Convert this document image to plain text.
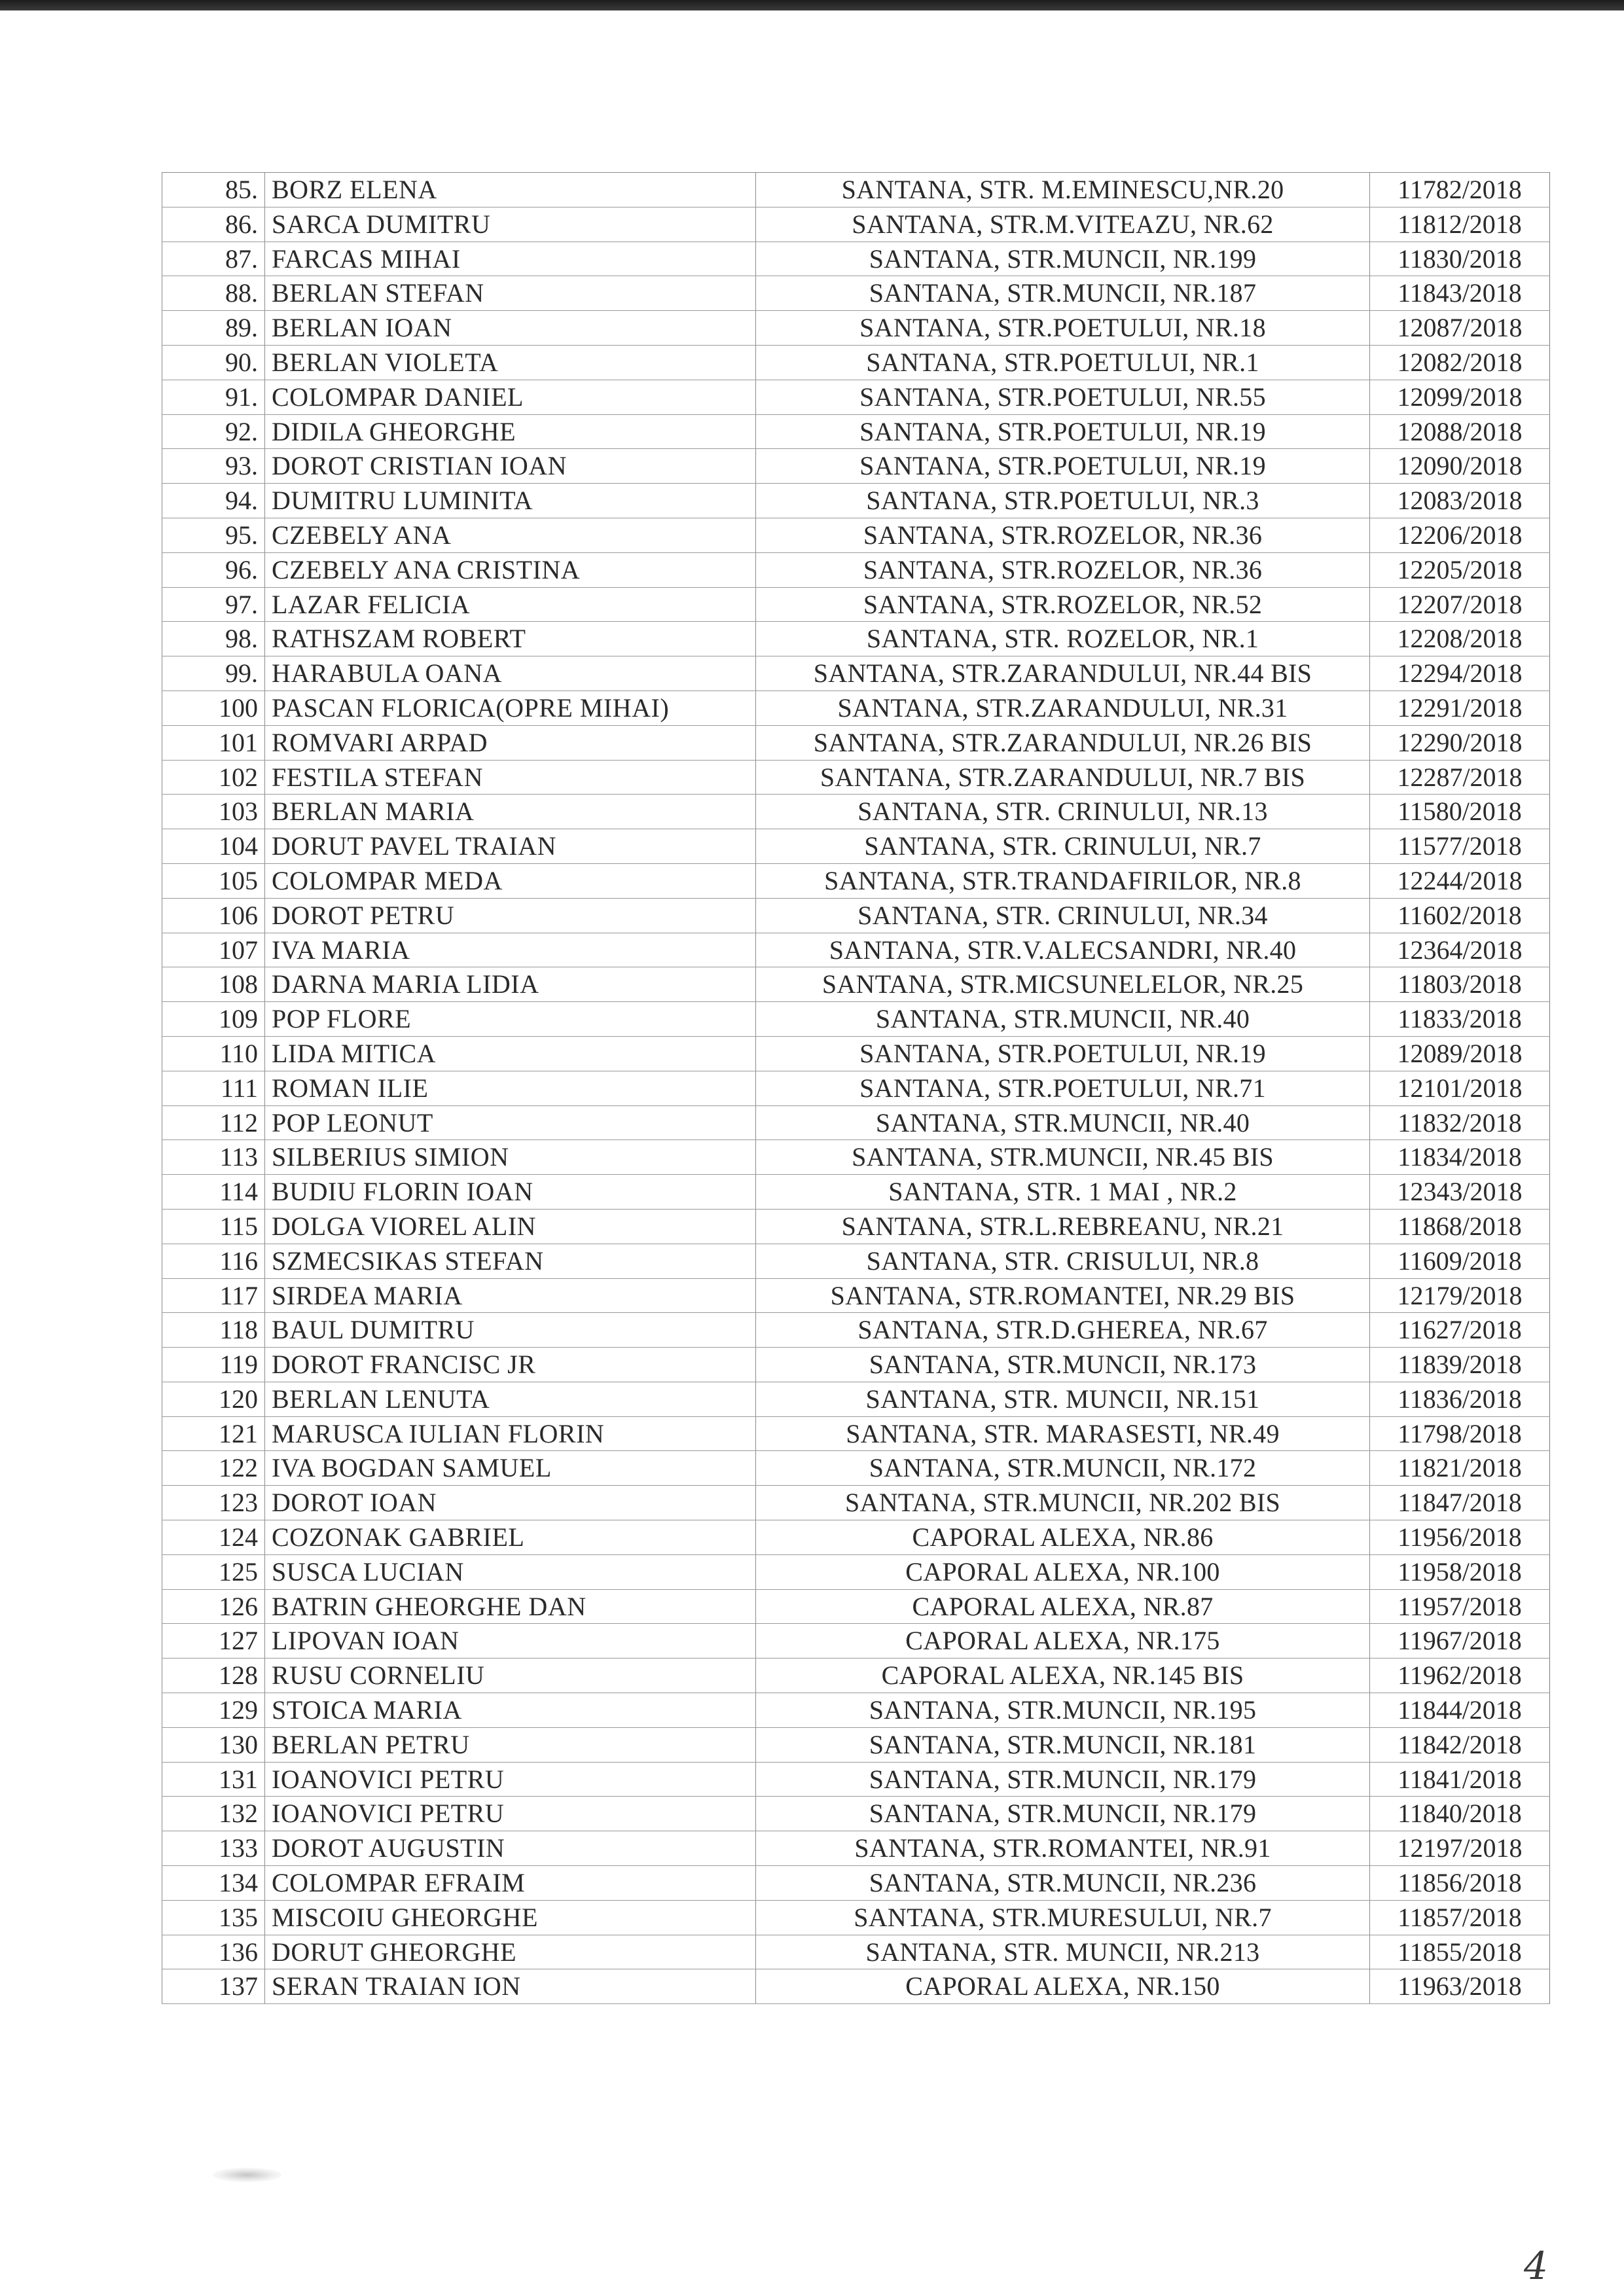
85.	BORZ ELENA	SANTANA, STR. M.EMINESCU,NR.20	11782/2018
86.	SARCA DUMITRU	SANTANA, STR.M.VITEAZU, NR.62	11812/2018
87.	FARCAS MIHAI	SANTANA, STR.MUNCII, NR.199	11830/2018
88.	BERLAN STEFAN	SANTANA, STR.MUNCII, NR.187	11843/2018
89.	BERLAN IOAN	SANTANA, STR.POETULUI, NR.18	12087/2018
90.	BERLAN VIOLETA	SANTANA, STR.POETULUI, NR.1	12082/2018
91.	COLOMPAR DANIEL	SANTANA, STR.POETULUI, NR.55	12099/2018
92.	DIDILA GHEORGHE	SANTANA, STR.POETULUI, NR.19	12088/2018
93.	DOROT CRISTIAN IOAN	SANTANA, STR.POETULUI, NR.19	12090/2018
94.	DUMITRU LUMINITA	SANTANA, STR.POETULUI, NR.3	12083/2018
95.	CZEBELY ANA	SANTANA, STR.ROZELOR, NR.36	12206/2018
96.	CZEBELY ANA CRISTINA	SANTANA, STR.ROZELOR, NR.36	12205/2018
97.	LAZAR FELICIA	SANTANA, STR.ROZELOR, NR.52	12207/2018
98.	RATHSZAM ROBERT	SANTANA, STR. ROZELOR, NR.1	12208/2018
99.	HARABULA OANA	SANTANA, STR.ZARANDULUI, NR.44 BIS	12294/2018
100	PASCAN FLORICA(OPRE MIHAI)	SANTANA, STR.ZARANDULUI, NR.31	12291/2018
101	ROMVARI ARPAD	SANTANA, STR.ZARANDULUI, NR.26 BIS	12290/2018
102	FESTILA STEFAN	SANTANA, STR.ZARANDULUI, NR.7 BIS	12287/2018
103	BERLAN MARIA	SANTANA, STR. CRINULUI, NR.13	11580/2018
104	DORUT PAVEL TRAIAN	SANTANA, STR. CRINULUI, NR.7	11577/2018
105	COLOMPAR MEDA	SANTANA, STR.TRANDAFIRILOR, NR.8	12244/2018
106	DOROT PETRU	SANTANA, STR. CRINULUI, NR.34	11602/2018
107	IVA MARIA	SANTANA, STR.V.ALECSANDRI, NR.40	12364/2018
108	DARNA MARIA LIDIA	SANTANA, STR.MICSUNELELOR, NR.25	11803/2018
109	POP FLORE	SANTANA, STR.MUNCII, NR.40	11833/2018
110	LIDA MITICA	SANTANA, STR.POETULUI, NR.19	12089/2018
111	ROMAN ILIE	SANTANA, STR.POETULUI, NR.71	12101/2018
112	POP LEONUT	SANTANA, STR.MUNCII, NR.40	11832/2018
113	SILBERIUS SIMION	SANTANA, STR.MUNCII, NR.45 BIS	11834/2018
114	BUDIU FLORIN IOAN	SANTANA, STR. 1 MAI , NR.2	12343/2018
115	DOLGA VIOREL ALIN	SANTANA, STR.L.REBREANU, NR.21	11868/2018
116	SZMECSIKAS STEFAN	SANTANA, STR. CRISULUI, NR.8	11609/2018
117	SIRDEA MARIA	SANTANA, STR.ROMANTEI, NR.29 BIS	12179/2018
118	BAUL DUMITRU	SANTANA, STR.D.GHEREA, NR.67	11627/2018
119	DOROT FRANCISC JR	SANTANA, STR.MUNCII, NR.173	11839/2018
120	BERLAN LENUTA	SANTANA, STR. MUNCII, NR.151	11836/2018
121	MARUSCA IULIAN FLORIN	SANTANA, STR. MARASESTI, NR.49	11798/2018
122	IVA BOGDAN SAMUEL	SANTANA, STR.MUNCII, NR.172	11821/2018
123	DOROT IOAN	SANTANA, STR.MUNCII, NR.202 BIS	11847/2018
124	COZONAK GABRIEL	CAPORAL ALEXA, NR.86	11956/2018
125	SUSCA LUCIAN	CAPORAL ALEXA, NR.100	11958/2018
126	BATRIN GHEORGHE DAN	CAPORAL ALEXA, NR.87	11957/2018
127	LIPOVAN IOAN	CAPORAL ALEXA, NR.175	11967/2018
128	RUSU CORNELIU	CAPORAL ALEXA, NR.145 BIS	11962/2018
129	STOICA MARIA	SANTANA, STR.MUNCII, NR.195	11844/2018
130	BERLAN PETRU	SANTANA, STR.MUNCII, NR.181	11842/2018
131	IOANOVICI PETRU	SANTANA, STR.MUNCII, NR.179	11841/2018
132	IOANOVICI PETRU	SANTANA, STR.MUNCII, NR.179	11840/2018
133	DOROT AUGUSTIN	SANTANA, STR.ROMANTEI, NR.91	12197/2018
134	COLOMPAR EFRAIM	SANTANA, STR.MUNCII, NR.236	11856/2018
135	MISCOIU GHEORGHE	SANTANA, STR.MURESULUI, NR.7	11857/2018
136	DORUT GHEORGHE	SANTANA, STR. MUNCII, NR.213	11855/2018
137	SERAN TRAIAN ION	CAPORAL ALEXA, NR.150	11963/2018
4
